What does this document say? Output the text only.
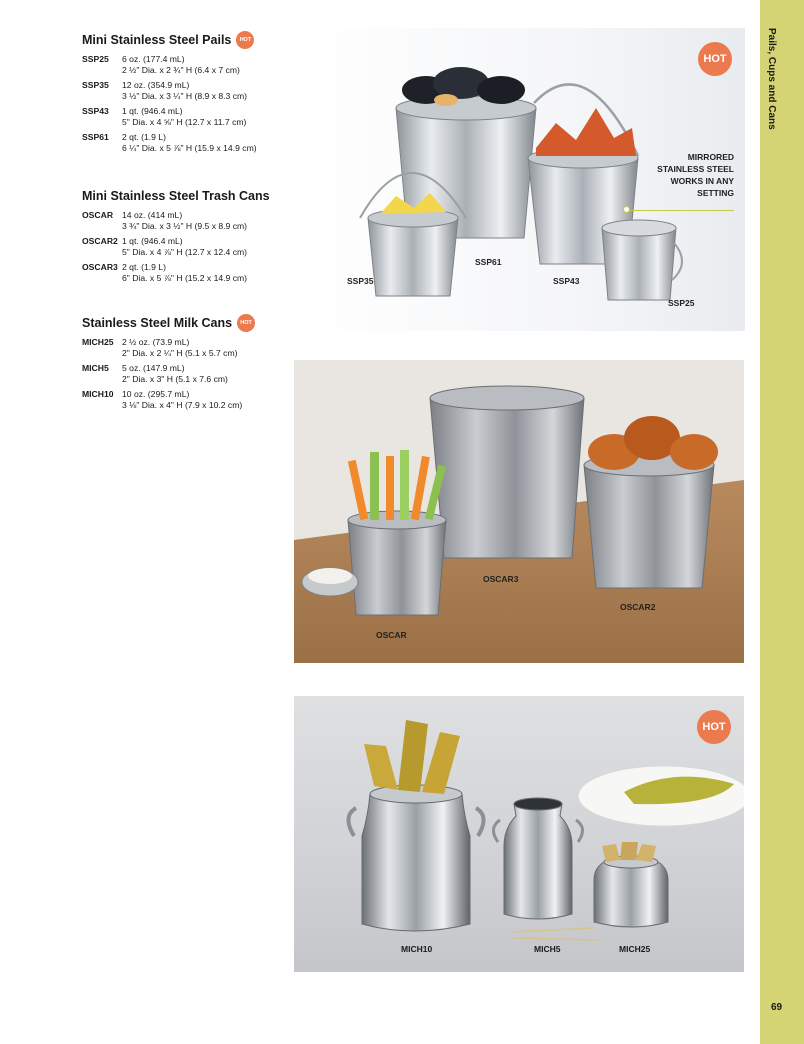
Mini Stainless Steel Pails	HOT
SSP25	6 oz. (177.4 mL)
2 ½" Dia. x 2 ¾" H (6.4 x 7 cm)
SSP35	12 oz. (354.9 mL)
3 ½" Dia. x 3 ¼" H (8.9 x 8.3 cm)
SSP43	1 qt. (946.4 mL)
5" Dia. x 4 ⅝" H (12.7 x 11.7 cm)
SSP61	2 qt. (1.9 L)
6 ¼" Dia. x 5 ⅞" H (15.9 x 14.9 cm)
Mini Stainless Steel Trash Cans
OSCAR	14 oz. (414 mL)
3 ¾" Dia. x 3 ½" H (9.5 x 8.9 cm)
OSCAR2 1 qt. (946.4 mL)
5" Dia. x 4 ⅞" H (12.7 x 12.4 cm)
OSCAR3 2 qt. (1.9 L)
6" Dia. x 5 ⅞" H (15.2 x 14.9 cm)
Stainless Steel Milk Cans	HOT
MICH25 2 ½ oz. (73.9 mL)
2" Dia. x 2 ¼" H (5.1 x 5.7 cm)
MICH5	5 oz. (147.9 mL)
2" Dia. x 3" H (5.1 x 7.6 cm)
MICH10 10 oz. (295.7 mL)
3 ⅛" Dia. x 4" H (7.9 x 10.2 cm)
HOT
SSP35
SSP61
SSP43
SSP25
MIRRORED
STAINLESS STEEL
WORKS IN ANY
SETTING
OSCAR
OSCAR3
OSCAR2
HOT
MICH10	MICH5	MICH25
Pails, Cups and Cans
69
